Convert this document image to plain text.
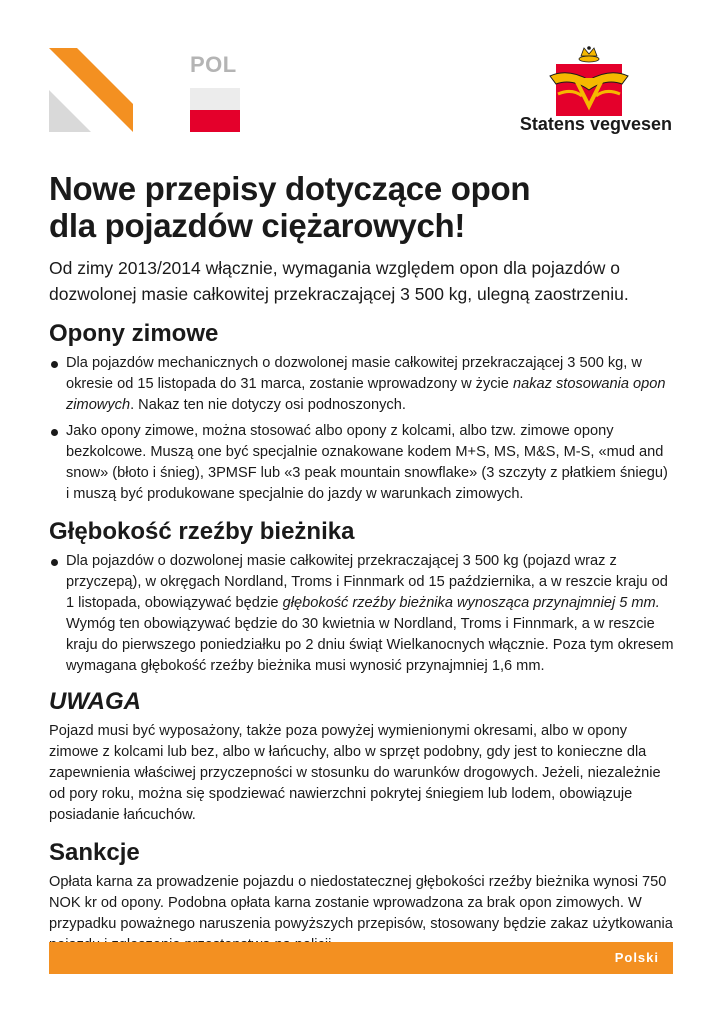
POL
Statens vegvesen
Nowe przepisy dotyczące opon
dla pojazdów ciężarowych!

Od zimy 2013/2014 włącznie, wymagania względem opon dla pojazdów o dozwolonej masie całkowitej przekraczającej 3 500 kg, ulegną zaostrzeniu.

Opony zimowe
Dla pojazdów mechanicznych o dozwolonej masie całkowitej przekraczającej 3 500 kg, w okresie od 15 listopada do 31 marca, zostanie wprowadzony w życie nakaz stosowania opon zimowych. Nakaz ten nie dotyczy osi podnoszonych.
Jako opony zimowe, można stosować albo opony z kolcami, albo tzw. zimowe opony bezkolcowe. Muszą one być specjalnie oznakowane kodem M+S, MS, M&S, M-S, «mud and snow» (błoto i śnieg), 3PMSF lub «3 peak mountain snowflake» (3 szczyty z płatkiem śniegu) i muszą być produkowane specjalnie do jazdy w warunkach zimowych.
Głębokość rzeźby bieżnika
Dla pojazdów o dozwolonej masie całkowitej przekraczającej 3 500 kg (pojazd wraz z przyczepą), w okręgach Nordland, Troms i Finnmark od 15 października, a w reszcie kraju od 1 listopada, obowiązywać będzie głębokość rzeźby bieżnika wynosząca przynajmniej 5 mm. Wymóg ten obowiązywać będzie do 30 kwietnia w Nordland, Troms i Finnmark, a w reszcie kraju do pierwszego poniedziałku po 2 dniu świąt Wielkanocnych włącznie. Poza tym okresem wymagana głębokość rzeźby bieżnika musi wynosić przynajmniej 1,6 mm.
UWAGA

Pojazd musi być wyposażony, także poza powyżej wymienionymi okresami, albo w opony zimowe z kolcami lub bez, albo w łańcuchy, albo w sprzęt podobny, gdy jest to konieczne dla zapewnienia właściwej przyczepności w stosunku do warunków drogowych. Jeżeli, niezależnie od pory roku, można się spodziewać nawierzchni pokrytej śniegiem lub lodem, obowiązuje posiadanie łańcuchów.

Sankcje

Opłata karna za prowadzenie pojazdu o niedostatecznej głębokości rzeźby bieżnika wynosi 750 NOK kr od opony. Podobna opłata karna zostanie wprowadzona za brak opon zimowych. W przypadku poważnego naruszenia powyższych przepisów, stosowany będzie zakaz użytkowania

Polski
